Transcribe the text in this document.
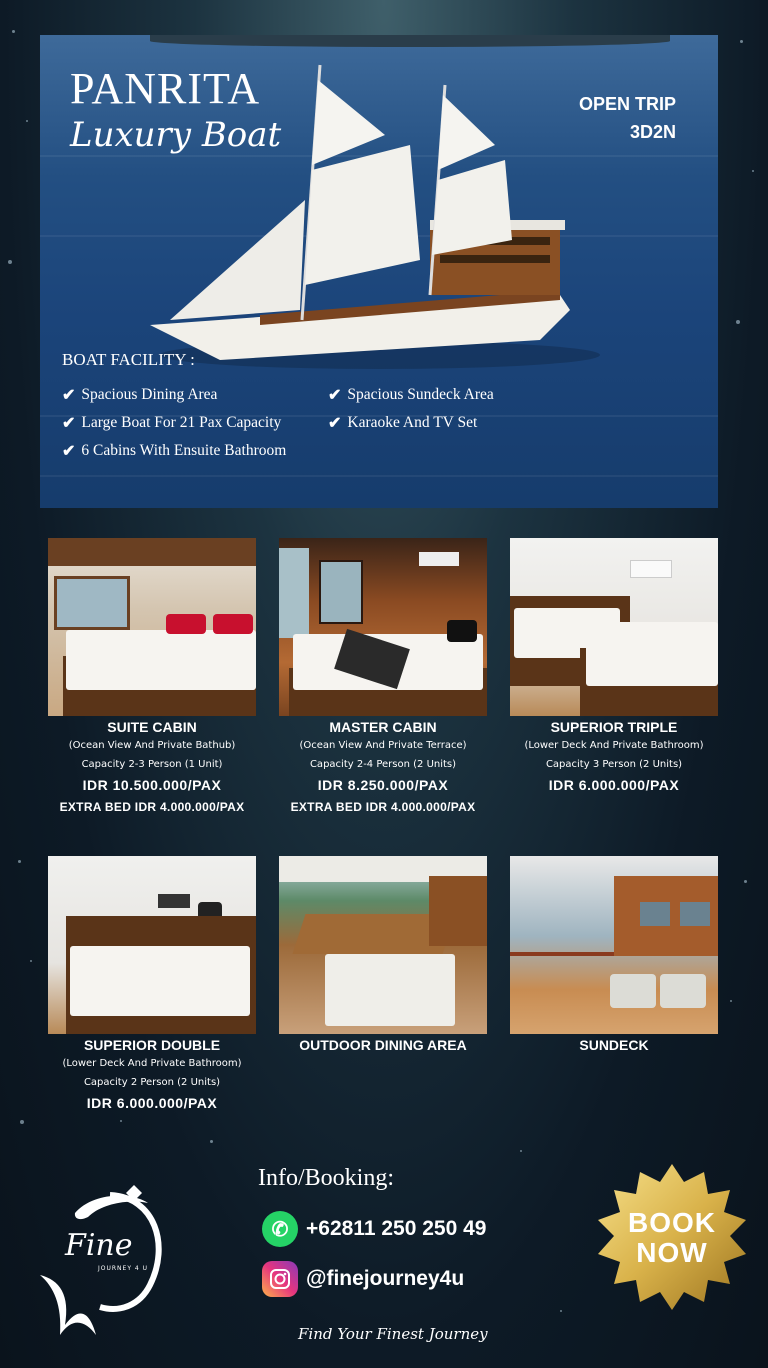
PANRITA
Luxury Boat
OPEN TRIP
3D2N
BOAT FACILITY :
✔ Spacious Dining Area
✔ Large Boat For 21 Pax Capacity
✔ 6 Cabins With Ensuite Bathroom
✔ Spacious Sundeck Area
✔ Karaoke And TV Set
SUITE CABIN
(Ocean View And Private Bathub)
Capacity 2-3 Person (1 Unit)
IDR 10.500.000/PAX
EXTRA BED IDR 4.000.000/PAX
MASTER CABIN
(Ocean View And Private Terrace)
Capacity 2-4 Person (2 Units)
IDR 8.250.000/PAX
EXTRA BED IDR 4.000.000/PAX
SUPERIOR TRIPLE
(Lower Deck And Private Bathroom)
Capacity 3 Person (2 Units)
IDR 6.000.000/PAX
SUPERIOR DOUBLE
(Lower Deck And Private Bathroom)
Capacity 2 Person (2 Units)
IDR 6.000.000/PAX
OUTDOOR DINING AREA	SUNDECK
Fine
JOURNEY 4 U
Info/Booking:
✆ +62811 250 250 49
@finejourney4u
BOOK
NOW
Find Your Finest Journey
